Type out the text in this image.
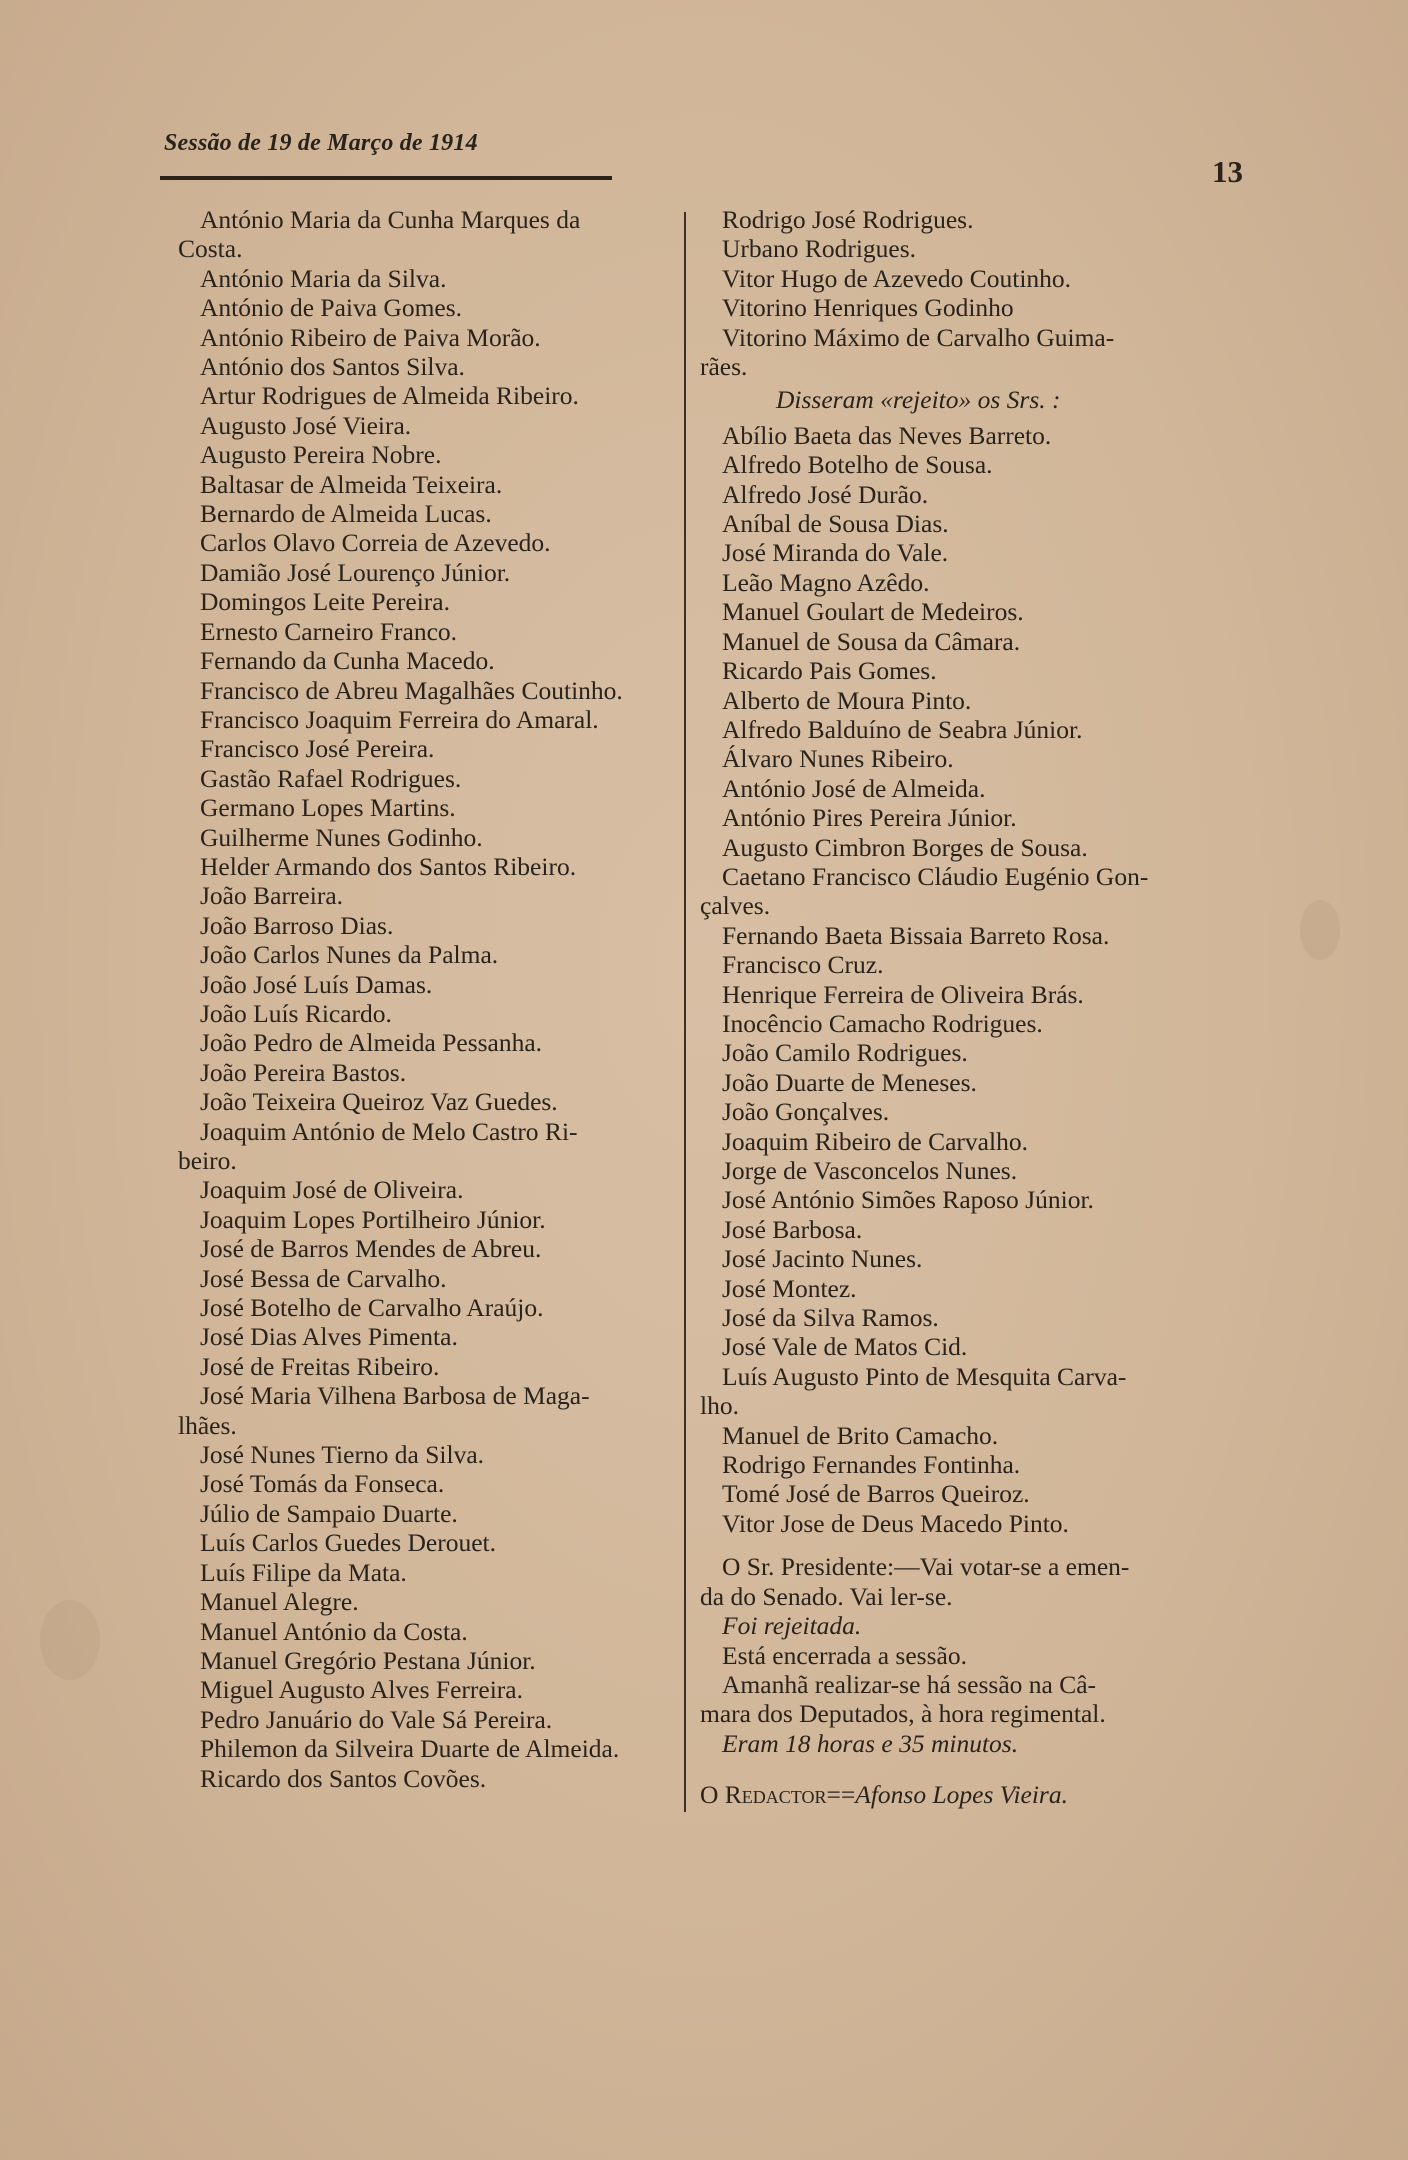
Sessão de 19 de Março de 1914
13
António Maria da Cunha Marques da
Costa.
António Maria da Silva.
António de Paiva Gomes.
António Ribeiro de Paiva Morão.
António dos Santos Silva.
Artur Rodrigues de Almeida Ribeiro.
Augusto José Vieira.
Augusto Pereira Nobre.
Baltasar de Almeida Teixeira.
Bernardo de Almeida Lucas.
Carlos Olavo Correia de Azevedo.
Damião José Lourenço Júnior.
Domingos Leite Pereira.
Ernesto Carneiro Franco.
Fernando da Cunha Macedo.
Francisco de Abreu Magalhães Coutinho.
Francisco Joaquim Ferreira do Amaral.
Francisco José Pereira.
Gastão Rafael Rodrigues.
Germano Lopes Martins.
Guilherme Nunes Godinho.
Helder Armando dos Santos Ribeiro.
João Barreira.
João Barroso Dias.
João Carlos Nunes da Palma.
João José Luís Damas.
João Luís Ricardo.
João Pedro de Almeida Pessanha.
João Pereira Bastos.
João Teixeira Queiroz Vaz Guedes.
Joaquim António de Melo Castro Ri-
beiro.
Joaquim José de Oliveira.
Joaquim Lopes Portilheiro Júnior.
José de Barros Mendes de Abreu.
José Bessa de Carvalho.
José Botelho de Carvalho Araújo.
José Dias Alves Pimenta.
José de Freitas Ribeiro.
José Maria Vilhena Barbosa de Maga-
lhães.
José Nunes Tierno da Silva.
José Tomás da Fonseca.
Júlio de Sampaio Duarte.
Luís Carlos Guedes Derouet.
Luís Filipe da Mata.
Manuel Alegre.
Manuel António da Costa.
Manuel Gregório Pestana Júnior.
Miguel Augusto Alves Ferreira.
Pedro Januário do Vale Sá Pereira.
Philemon da Silveira Duarte de Almeida.
Ricardo dos Santos Covões.
Rodrigo José Rodrigues.
Urbano Rodrigues.
Vitor Hugo de Azevedo Coutinho.
Vitorino Henriques Godinho
Vitorino Máximo de Carvalho Guima-
rães.
Disseram «rejeito» os Srs. :
Abílio Baeta das Neves Barreto.
Alfredo Botelho de Sousa.
Alfredo José Durão.
Aníbal de Sousa Dias.
José Miranda do Vale.
Leão Magno Azêdo.
Manuel Goulart de Medeiros.
Manuel de Sousa da Câmara.
Ricardo Pais Gomes.
Alberto de Moura Pinto.
Alfredo Balduíno de Seabra Júnior.
Álvaro Nunes Ribeiro.
António José de Almeida.
António Pires Pereira Júnior.
Augusto Cimbron Borges de Sousa.
Caetano Francisco Cláudio Eugénio Gon-
çalves.
Fernando Baeta Bissaia Barreto Rosa.
Francisco Cruz.
Henrique Ferreira de Oliveira Brás.
Inocêncio Camacho Rodrigues.
João Camilo Rodrigues.
João Duarte de Meneses.
João Gonçalves.
Joaquim Ribeiro de Carvalho.
Jorge de Vasconcelos Nunes.
José António Simões Raposo Júnior.
José Barbosa.
José Jacinto Nunes.
José Montez.
José da Silva Ramos.
José Vale de Matos Cid.
Luís Augusto Pinto de Mesquita Carva-
lho.
Manuel de Brito Camacho.
Rodrigo Fernandes Fontinha.
Tomé José de Barros Queiroz.
Vitor Jose de Deus Macedo Pinto.
O Sr. Presidente:—Vai votar-se a emen-
da do Senado. Vai ler-se.
Foi rejeitada.
Está encerrada a sessão.
Amanhã realizar-se há sessão na Câ-
mara dos Deputados, à hora regimental.
Eram 18 horas e 35 minutos.
O Redactor==Afonso Lopes Vieira.
